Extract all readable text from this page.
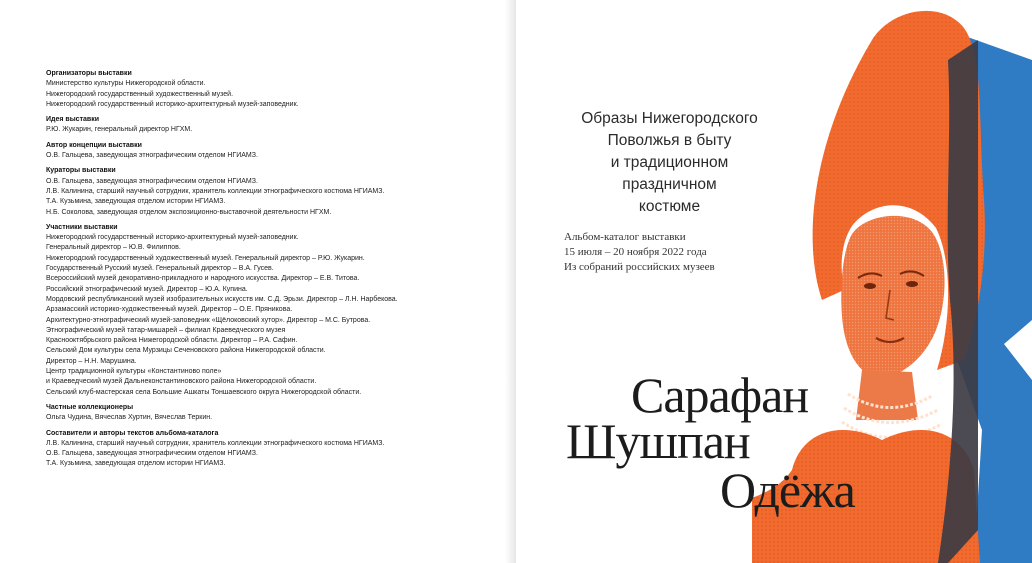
Организаторы выставки
Министерство культуры Нижегородской области.
Нижегородский государственный художественный музей.
Нижегородский государственный историко-архитектурный музей-заповедник.
Идея выставки
Р.Ю. Жукарин, генеральный директор НГХМ.
Автор концепции выставки
О.В. Гальцева, заведующая этнографическим отделом НГИАМЗ.
Кураторы выставки
О.В. Гальцева, заведующая этнографическим отделом НГИАМЗ.
Л.В. Калинина, старший научный сотрудник, хранитель коллекции этнографического костюма НГИАМЗ.
Т.А. Кузьмина, заведующая отделом истории НГИАМЗ.
Н.Б. Соколова, заведующая отделом экспозиционно-выставочной деятельности НГХМ.
Участники выставки
Нижегородский государственный историко-архитектурный музей-заповедник.
Генеральный директор – Ю.В. Филиппов.
Нижегородский государственный художественный музей. Генеральный директор – Р.Ю. Жукарин.
Государственный Русский музей. Генеральный директор – В.А. Гусев.
Всероссийский музей декоративно-прикладного и народного искусства. Директор – Е.В. Титова.
Российский этнографический музей. Директор – Ю.А. Купина.
Мордовский республиканский музей изобразительных искусств им. С.Д. Эрьзи. Директор – Л.Н. Нарбекова.
Арзамасский историко-художественный музей. Директор – О.Е. Пряникова.
Архитектурно-этнографический музей-заповедник «Щёлоковский хутор». Директор – М.С. Бутрова.
Этнографический музей татар-мишарей – филиал Краеведческого музея
Краснооктябрьского района Нижегородской области. Директор – Р.А. Сафин.
Сельский Дом культуры села Мурзицы Сеченовского района Нижегородской области.
Директор – Н.Н. Марушина.
Центр традиционной культуры «Константиново поле»
и Краеведческий музей Дальнеконстантиновского района Нижегородской области.
Сельский клуб-мастерская села Большие Ашкаты Тоншаевского округа Нижегородской области.
Частные коллекционеры
Ольга Чудина, Вячеслав Хуртин, Вячеслав Теркин.
Составители и авторы текстов альбома-каталога
Л.В. Калинина, старший научный сотрудник, хранитель коллекции этнографического костюма НГИАМЗ.
О.В. Гальцева, заведующая этнографическим отделом НГИАМЗ.
Т.А. Кузьмина, заведующая отделом истории НГИАМЗ.
Образы Нижегородского
Поволжья в быту
и традиционном
праздничном
костюме
Альбом-каталог выставки
15 июля – 20 ноября 2022 года
Из собраний российских музеев
Сарафан
Шушпан
Одёжа
